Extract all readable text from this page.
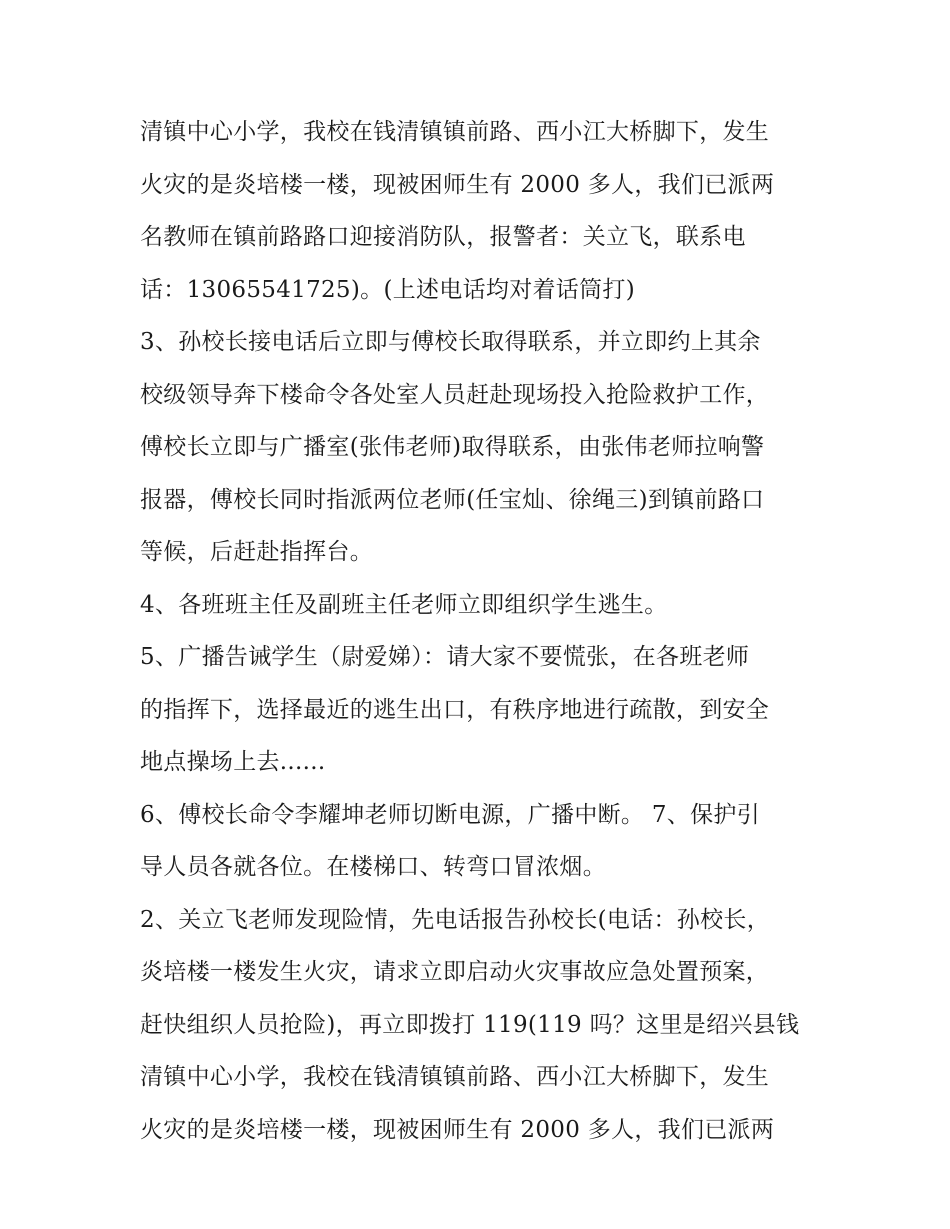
清镇中心小学，我校在钱清镇镇前路、西小江大桥脚下，发生
火灾的是炎培楼一楼，现被困师生有 2000 多人，我们已派两
名教师在镇前路路口迎接消防队，报警者：关立飞，联系电
话：13065541725)。(上述电话均对着话筒打)
3、孙校长接电话后立即与傅校长取得联系，并立即约上其余
校级领导奔下楼命令各处室人员赶赴现场投入抢险救护工作，
傅校长立即与广播室(张伟老师)取得联系，由张伟老师拉响警
报器，傅校长同时指派两位老师(任宝灿、徐绳三)到镇前路口
等候，后赶赴指挥台。
4、各班班主任及副班主任老师立即组织学生逃生。
5、广播告诫学生（尉爱娣）：请大家不要慌张，在各班老师
的指挥下，选择最近的逃生出口，有秩序地进行疏散，到安全
地点操场上去......
6、傅校长命令李耀坤老师切断电源，广播中断。 7、保护引
导人员各就各位。在楼梯口、转弯口冒浓烟。
2、关立飞老师发现险情，先电话报告孙校长(电话：孙校长，
炎培楼一楼发生火灾，请求立即启动火灾事故应急处置预案，
赶快组织人员抢险)，再立即拨打 119(119 吗？这里是绍兴县钱
清镇中心小学，我校在钱清镇镇前路、西小江大桥脚下，发生
火灾的是炎培楼一楼，现被困师生有 2000 多人，我们已派两
